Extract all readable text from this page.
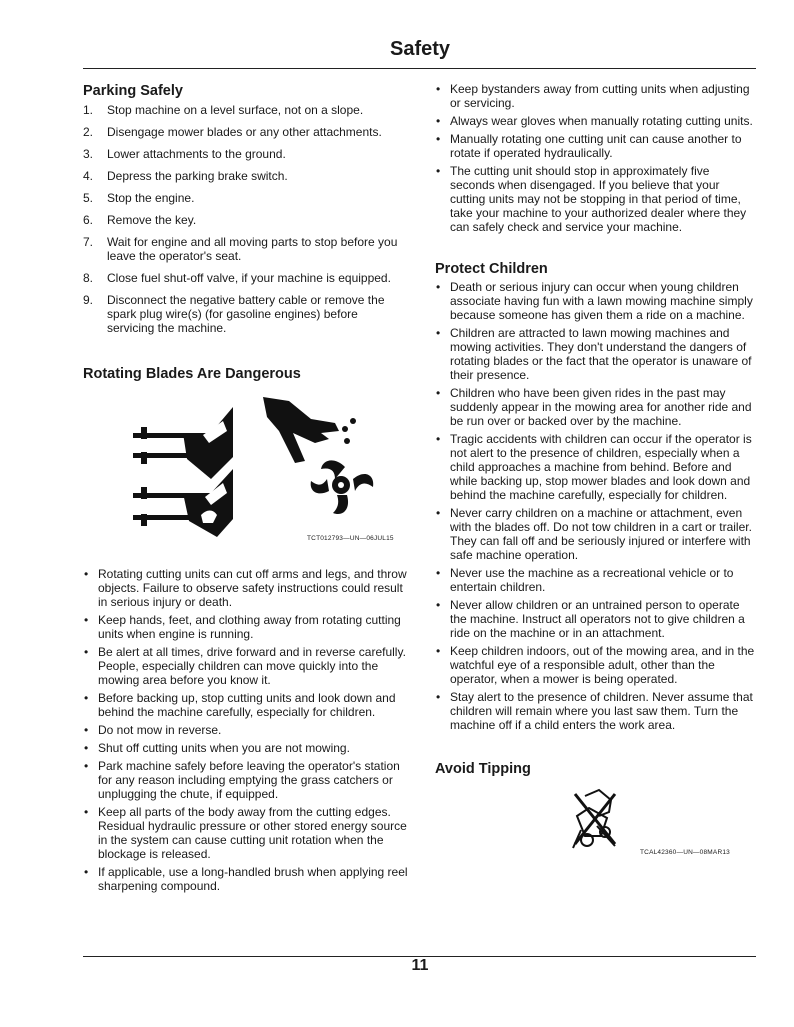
Safety
Parking Safely
1. Stop machine on a level surface, not on a slope.
2. Disengage mower blades or any other attachments.
3. Lower attachments to the ground.
4. Depress the parking brake switch.
5. Stop the engine.
6. Remove the key.
7. Wait for engine and all moving parts to stop before you leave the operator's seat.
8. Close fuel shut-off valve, if your machine is equipped.
9. Disconnect the negative battery cable or remove the spark plug wire(s) (for gasoline engines) before servicing the machine.
Rotating Blades Are Dangerous
TCT012793—UN—06JUL15
• Rotating cutting units can cut off arms and legs, and throw objects. Failure to observe safety instructions could result in serious injury or death.
• Keep hands, feet, and clothing away from rotating cutting units when engine is running.
• Be alert at all times, drive forward and in reverse carefully. People, especially children can move quickly into the mowing area before you know it.
• Before backing up, stop cutting units and look down and behind the machine carefully, especially for children.
• Do not mow in reverse.
• Shut off cutting units when you are not mowing.
• Park machine safely before leaving the operator's station for any reason including emptying the grass catchers or unplugging the chute, if equipped.
• Keep all parts of the body away from the cutting edges. Residual hydraulic pressure or other stored energy source in the system can cause cutting unit rotation when the blockage is released.
• If applicable, use a long-handled brush when applying reel sharpening compound.
• Keep bystanders away from cutting units when adjusting or servicing.
• Always wear gloves when manually rotating cutting units.
• Manually rotating one cutting unit can cause another to rotate if operated hydraulically.
• The cutting unit should stop in approximately five seconds when disengaged. If you believe that your cutting units may not be stopping in that period of time, take your machine to your authorized dealer where they can safely check and service your machine.
Protect Children
• Death or serious injury can occur when young children associate having fun with a lawn mowing machine simply because someone has given them a ride on a machine.
• Children are attracted to lawn mowing machines and mowing activities. They don't understand the dangers of rotating blades or the fact that the operator is unaware of their presence.
• Children who have been given rides in the past may suddenly appear in the mowing area for another ride and be run over or backed over by the machine.
• Tragic accidents with children can occur if the operator is not alert to the presence of children, especially when a child approaches a machine from behind. Before and while backing up, stop mower blades and look down and behind the machine carefully, especially for children.
• Never carry children on a machine or attachment, even with the blades off. Do not tow children in a cart or trailer. They can fall off and be seriously injured or interfere with safe machine operation.
• Never use the machine as a recreational vehicle or to entertain children.
• Never allow children or an untrained person to operate the machine. Instruct all operators not to give children a ride on the machine or in an attachment.
• Keep children indoors, out of the mowing area, and in the watchful eye of a responsible adult, other than the operator, when a mower is being operated.
• Stay alert to the presence of children. Never assume that children will remain where you last saw them. Turn the machine off if a child enters the work area.
Avoid Tipping
TCAL42360—UN—08MAR13
11
